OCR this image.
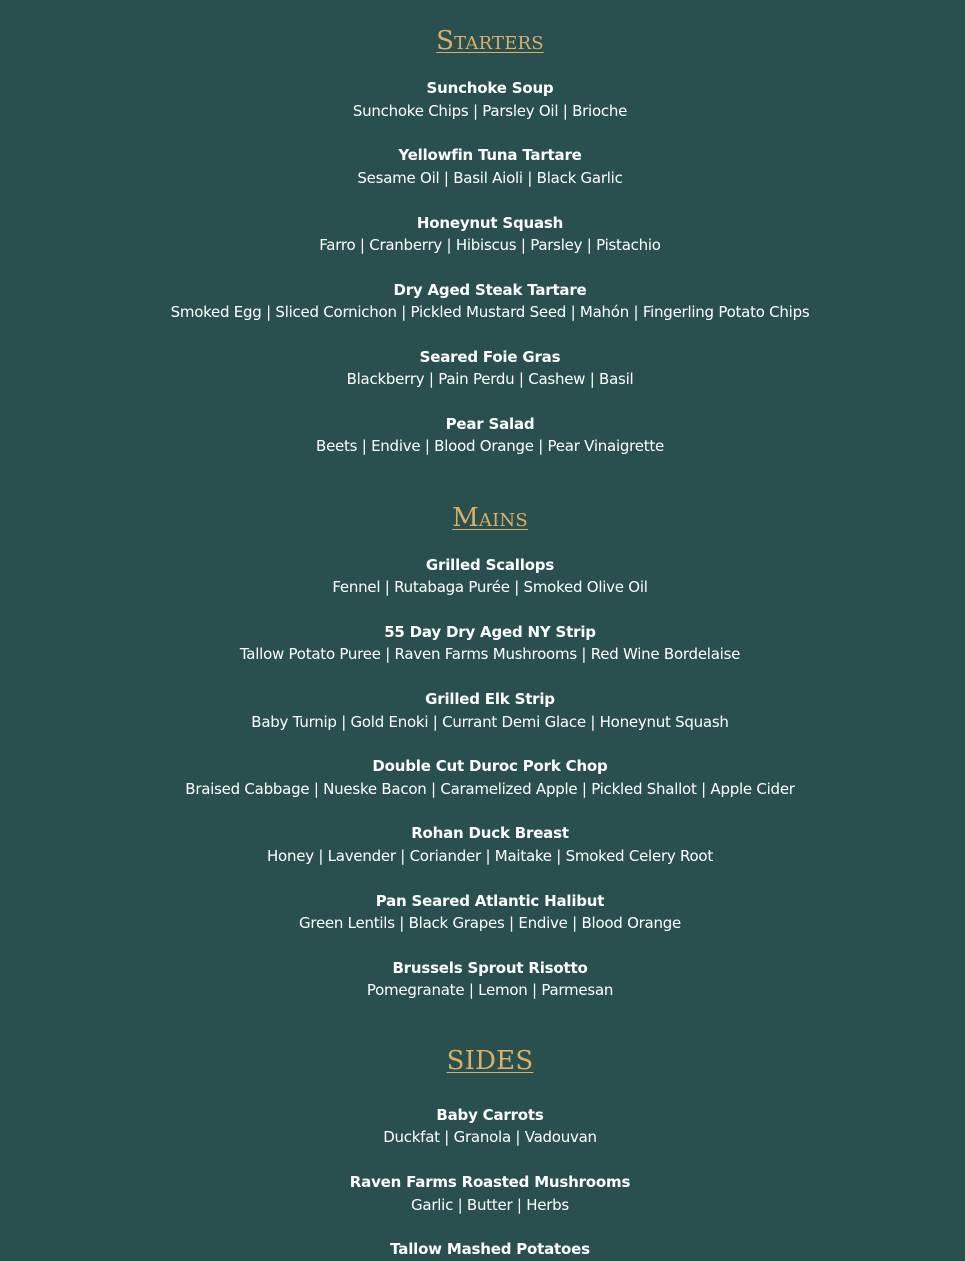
Starters
Sunchoke Soup
Sunchoke Chips | Parsley Oil | Brioche
Yellowfin Tuna Tartare
Sesame Oil | Basil Aioli | Black Garlic
Honeynut Squash
Farro | Cranberry | Hibiscus | Parsley | Pistachio
Dry Aged Steak Tartare
Smoked Egg | Sliced Cornichon | Pickled Mustard Seed | Mahón | Fingerling Potato Chips
Seared Foie Gras
Blackberry | Pain Perdu | Cashew | Basil
Pear Salad
Beets | Endive | Blood Orange | Pear Vinaigrette
Mains
Grilled Scallops
Fennel | Rutabaga Purée | Smoked Olive Oil
55 Day Dry Aged NY Strip
Tallow Potato Puree | Raven Farms Mushrooms | Red Wine Bordelaise
Grilled Elk Strip
Baby Turnip | Gold Enoki | Currant Demi Glace | Honeynut Squash
Double Cut Duroc Pork Chop
Braised Cabbage | Nueske Bacon | Caramelized Apple | Pickled Shallot | Apple Cider
Rohan Duck Breast
Honey | Lavender | Coriander | Maitake | Smoked Celery Root
Pan Seared Atlantic Halibut
Green Lentils | Black Grapes | Endive | Blood Orange
Brussels Sprout Risotto
Pomegranate | Lemon | Parmesan
SIDES
Baby Carrots
Duckfat | Granola | Vadouvan
Raven Farms Roasted Mushrooms
Garlic | Butter | Herbs
Tallow Mashed Potatoes
